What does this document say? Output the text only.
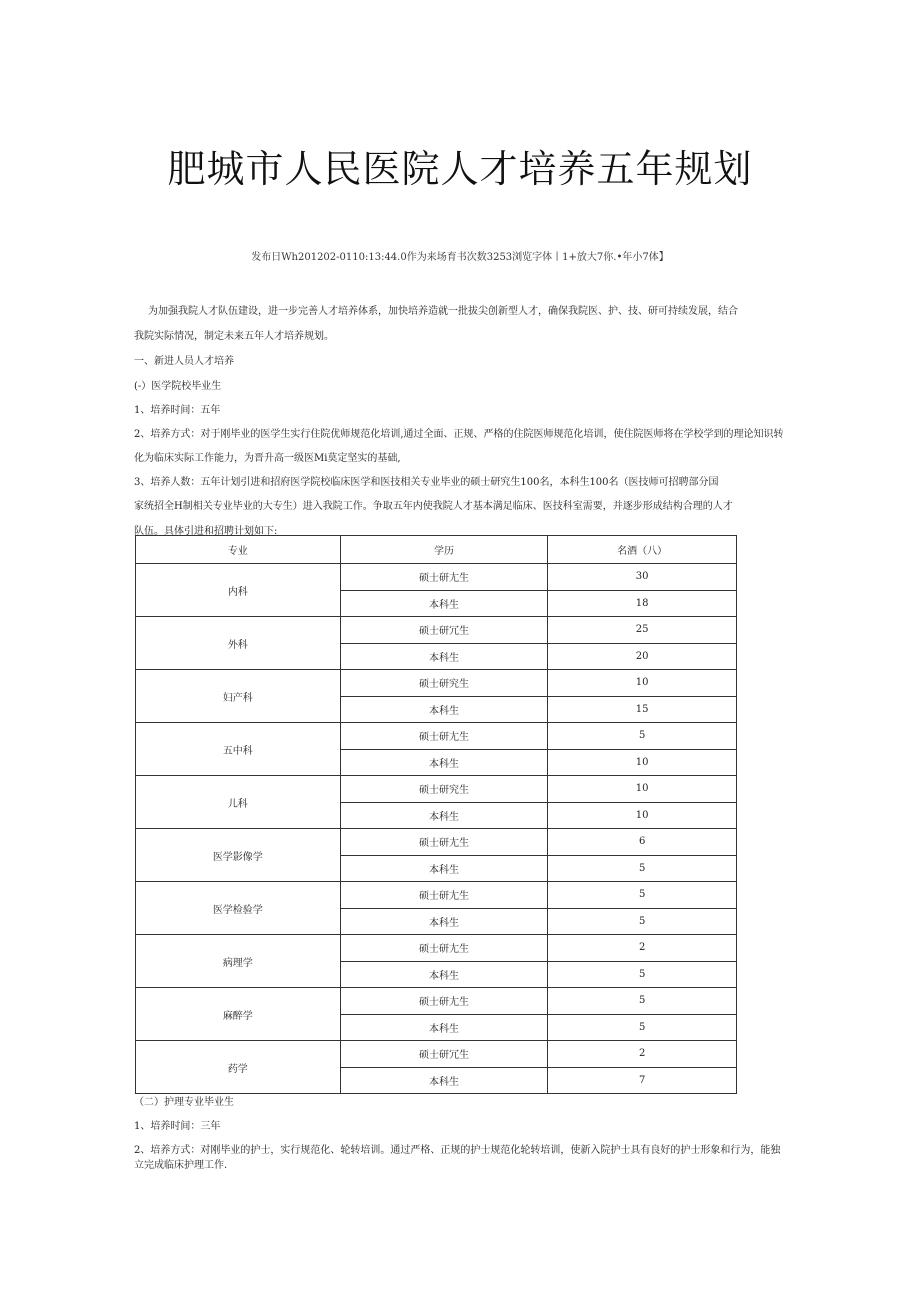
肥城市人民医院人才培养五年规划
发布日Wh201202-0110:13:44.0作为来场育书次数3253浏览字体丨1+放大7你.•年小7体】
为加强我院人才队伍建设，进一步完善人才培养体系，加快培养造就一批拔尖创新型人才，确保我院医、护、技、研可持续发展，结合
我院实际情况，制定未来五年人才培养规划。
一、新进人员人才培养
(-）医学院校毕业生
1、培养时间：五年
2、培养方式：对于刚毕业的医学生实行住院优师规范化培训,通过全面、正规、严格的住院医师规范化培训，使住院医师将在学校学到的理论知识转
化为临床实际工作能力，为晋升高一级医Mi莫定坚实的基础,
3、培养人数：五年计划引进和招府医学院校临床医学和医技相关专业毕业的硕士研究生100名，本科生100名（医技师可招聘部分国
家统招全H制相关专业毕业的大专生）进入我院工作。争取五年内使我院人才基本满足临床、医技科室需要，并逐步形成结构合理的人才
队伍。具体引进和招聘计划如下:
专业	学历	名酒（八）
内科	硕士研尢生	30
	本科生	18
外科	硕士研冗生	25
	本科生	20
妇产科	硕士研究生	10
	本科生	15
五中科	硕士研尢生	5
	本科生	10
儿科	硕士研究生	10
	本科生	10
医学影像学	硕士研尢生	6
	本科生	5
医学检验学	硕士研尢生	5
	本科生	5
病理学	硕士研尢生	2
	本科生	5
麻醉学	硕士研尢生	5
	本科生	5
药学	硕士研冗生	2
	本科生	7
（二）护理专业毕业生
1、培养时间：三年
2、培养方式：对刚毕业的护士，实行规范化、轮转培训。通过严格、正规的护士规范化轮转培训，使新入院护士具有良好的护士形象和行为，能独
立完成临床护理工作.
